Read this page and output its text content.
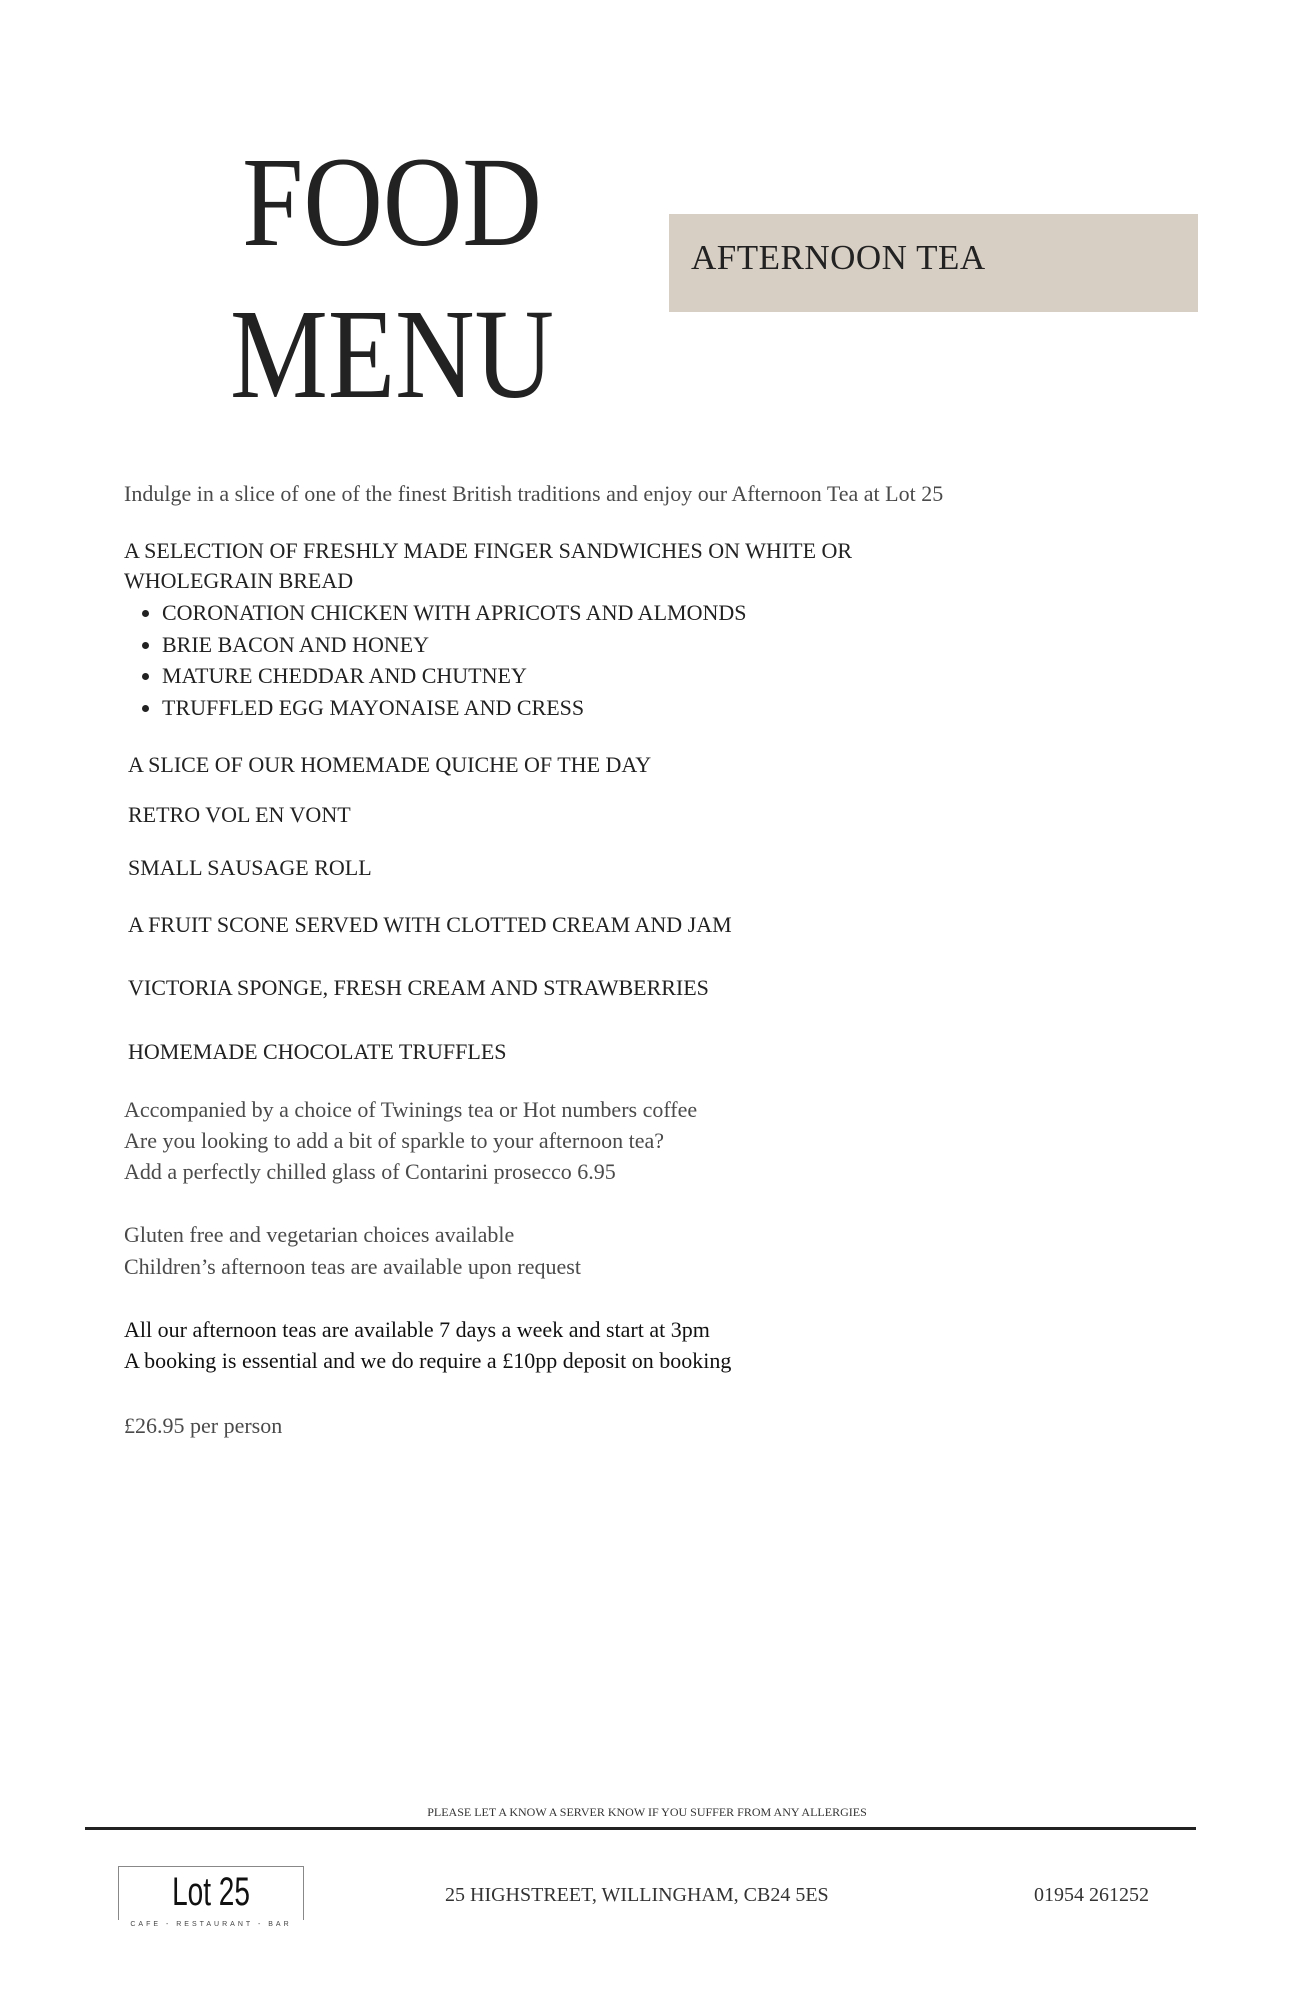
FOOD
MENU
AFTERNOON TEA
Indulge in a slice of one of the finest British traditions and enjoy our Afternoon Tea at Lot 25
A SELECTION OF FRESHLY MADE FINGER SANDWICHES ON WHITE OR
WHOLEGRAIN BREAD
• CORONATION CHICKEN WITH APRICOTS AND ALMONDS
• BRIE BACON AND HONEY
• MATURE CHEDDAR AND CHUTNEY
• TRUFFLED EGG MAYONAISE AND CRESS
A SLICE OF OUR HOMEMADE QUICHE OF THE DAY
RETRO VOL EN VONT
SMALL SAUSAGE ROLL
A FRUIT SCONE SERVED WITH CLOTTED CREAM AND JAM
VICTORIA SPONGE, FRESH CREAM AND STRAWBERRIES
HOMEMADE CHOCOLATE TRUFFLES
Accompanied by a choice of Twinings tea or Hot numbers coffee
Are you looking to add a bit of sparkle to your afternoon tea?
Add a perfectly chilled glass of Contarini prosecco 6.95
Gluten free and vegetarian choices available
Children’s afternoon teas are available upon request
All our afternoon teas are available 7 days a week and start at 3pm
A booking is essential and we do require a £10pp deposit on booking
£26.95 per person
PLEASE LET A KNOW A SERVER KNOW IF YOU SUFFER FROM ANY ALLERGIES
Lot 25
CAFE - RESTAURANT - BAR
25 HIGHSTREET, WILLINGHAM, CB24 5ES	01954 261252
